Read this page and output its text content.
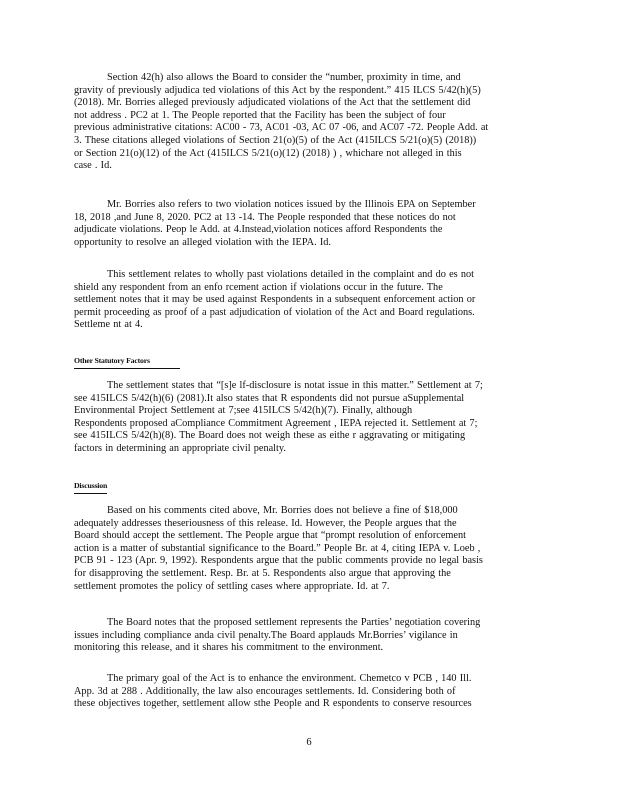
Section 42(h) also allows the Board to consider the “number, proximity in time, and
gravity of previously adjudica ted violations of this Act by the respondent.” 415 ILCS 5/42(h)(5)
(2018). Mr. Borries alleged previously adjudicated violations of the Act that the settlement did
not address . PC2 at 1. The People reported that the Facility has been the subject of four
previous administrative citations: AC00 - 73, AC01 -03, AC 07 -06, and AC07 -72. People Add. at
3. These citations alleged violations of Section 21(o)(5) of the Act (415ILCS 5/21(o)(5) (2018))
or Section 21(o)(12) of the Act (415ILCS 5/21(o)(12) (2018) ) , whichare not alleged in this
case . Id.
Mr. Borries also refers to two violation notices issued by the Illinois EPA on September
18, 2018 ,and June 8, 2020. PC2 at 13 -14. The People responded that these notices do not
adjudicate violations. Peop le Add. at 4.Instead,violation notices afford Respondents the
opportunity to resolve an alleged violation with the IEPA. Id.
This settlement relates to wholly past violations detailed in the complaint and do es not
shield any respondent from an enfo rcement action if violations occur in the future. The
settlement notes that it may be used against Respondents in a subsequent enforcement action or
permit proceeding as proof of a past adjudication of violation of the Act and Board regulations.
Settleme nt at 4.
Other Statutory Factors
The settlement states that “[s]e lf-disclosure is notat issue in this matter.” Settlement at 7;
see 415ILCS 5/42(h)(6) (2081).It also states that R espondents did not pursue aSupplemental
Environmental Project Settlement at 7;see 415ILCS 5/42(h)(7). Finally, although
Respondents proposed aCompliance Commitment Agreement , IEPA rejected it. Settlement at 7;
see 415ILCS 5/42(h)(8). The Board does not weigh these as eithe r aggravating or mitigating
factors in determining an appropriate civil penalty.
Discussion
Based on his comments cited above, Mr. Borries does not believe a fine of $18,000
adequately addresses theseriousness of this release. Id. However, the People argues that the
Board should accept the settlement. The People argue that “prompt resolution of enforcement
action is a matter of substantial significance to the Board.” People Br. at 4, citing IEPA v. Loeb ,
PCB 91 - 123 (Apr. 9, 1992). Respondents argue that the public comments provide no legal basis
for disapproving the settlement. Resp. Br. at 5. Respondents also argue that approving the
settlement promotes the policy of settling cases where appropriate. Id. at 7.
The Board notes that the proposed settlement represents the Parties’ negotiation covering
issues including compliance anda civil penalty.The Board applauds Mr.Borries’ vigilance in
monitoring this release, and it shares his commitment to the environment.
The primary goal of the Act is to enhance the environment. Chemetco v PCB , 140 Ill.
App. 3d at 288 . Additionally, the law also encourages settlements. Id. Considering both of
these objectives together, settlement allow sthe People and R espondents to conserve resources
6
